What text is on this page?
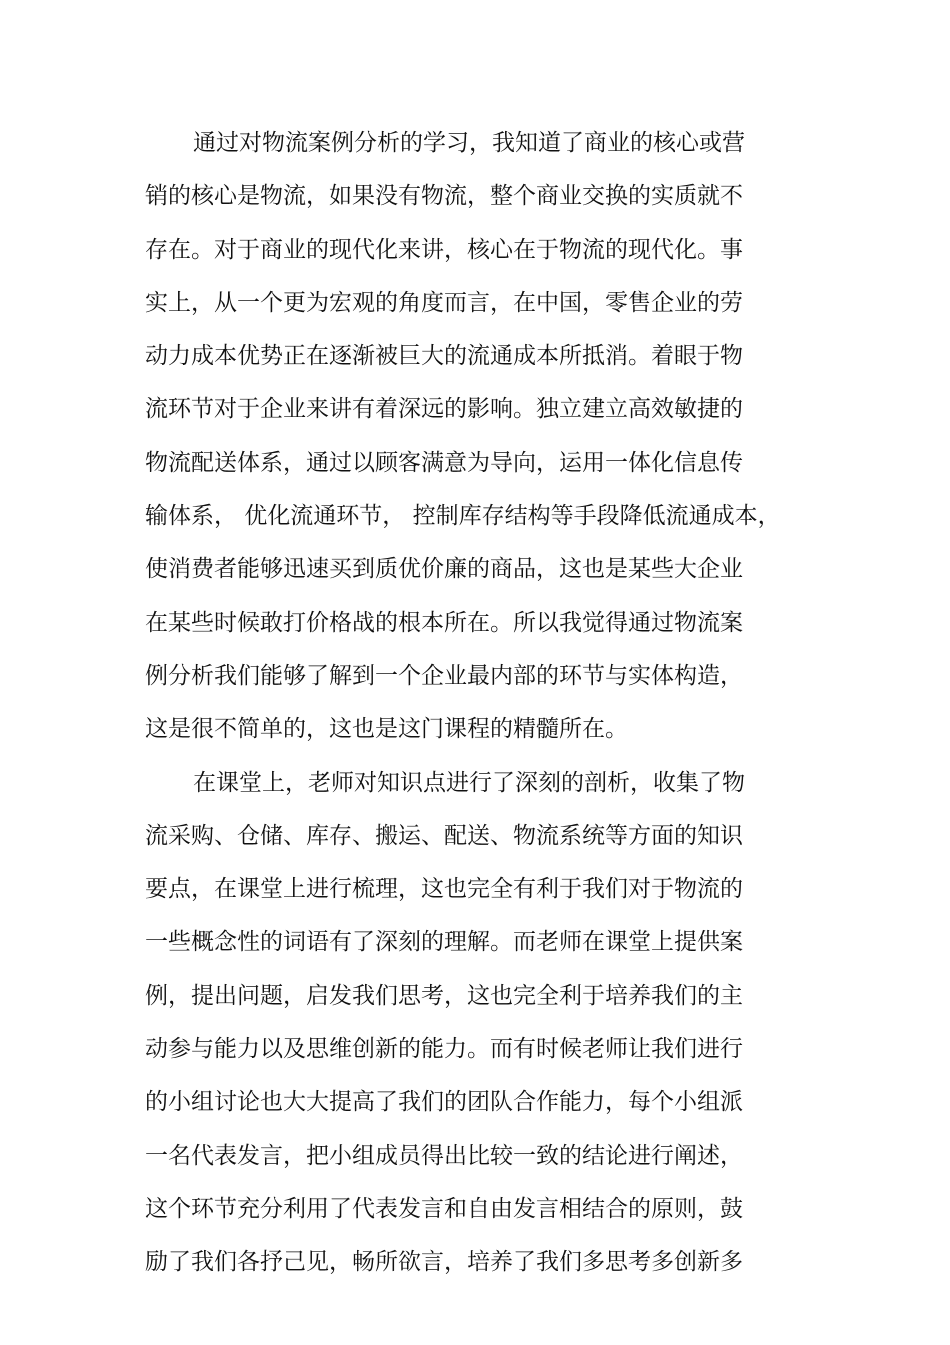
通过对物流案例分析的学习，我知道了商业的核心或营
销的核心是物流，如果没有物流，整个商业交换的实质就不
存在。对于商业的现代化来讲，核心在于物流的现代化。事
实上，从一个更为宏观的角度而言，在中国，零售企业的劳
动力成本优势正在逐渐被巨大的流通成本所抵消。着眼于物
流环节对于企业来讲有着深远的影响。独立建立高效敏捷的
物流配送体系，通过以顾客满意为导向，运用一体化信息传
输体系， 优化流通环节， 控制库存结构等手段降低流通成本，
使消费者能够迅速买到质优价廉的商品，这也是某些大企业
在某些时候敢打价格战的根本所在。所以我觉得通过物流案
例分析我们能够了解到一个企业最内部的环节与实体构造，
这是很不简单的，这也是这门课程的精髓所在。
在课堂上，老师对知识点进行了深刻的剖析，收集了物
流采购、仓储、库存、搬运、配送、物流系统等方面的知识
要点，在课堂上进行梳理，这也完全有利于我们对于物流的
一些概念性的词语有了深刻的理解。而老师在课堂上提供案
例，提出问题，启发我们思考，这也完全利于培养我们的主
动参与能力以及思维创新的能力。而有时候老师让我们进行
的小组讨论也大大提高了我们的团队合作能力，每个小组派
一名代表发言，把小组成员得出比较一致的结论进行阐述，
这个环节充分利用了代表发言和自由发言相结合的原则，鼓
励了我们各抒己见，畅所欲言，培养了我们多思考多创新多
